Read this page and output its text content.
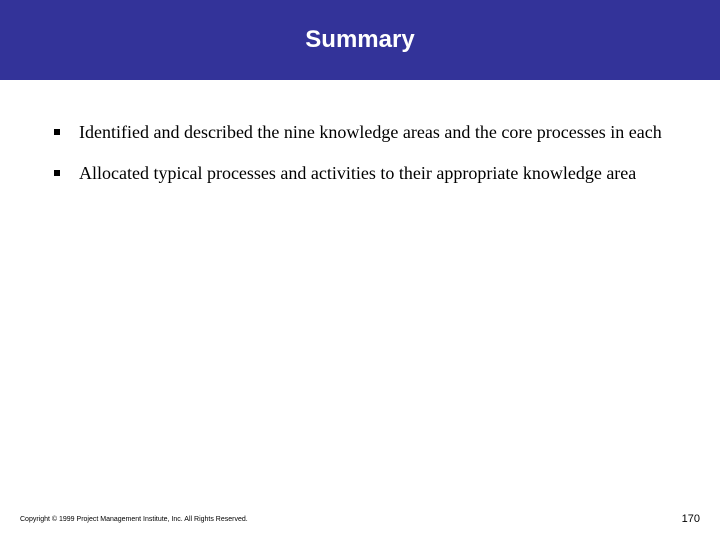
Summary
Identified and described the nine knowledge areas and the core processes in each
Allocated typical processes and activities to their appropriate knowledge area
Copyright © 1999 Project Management Institute, Inc. All Rights Reserved.	170
